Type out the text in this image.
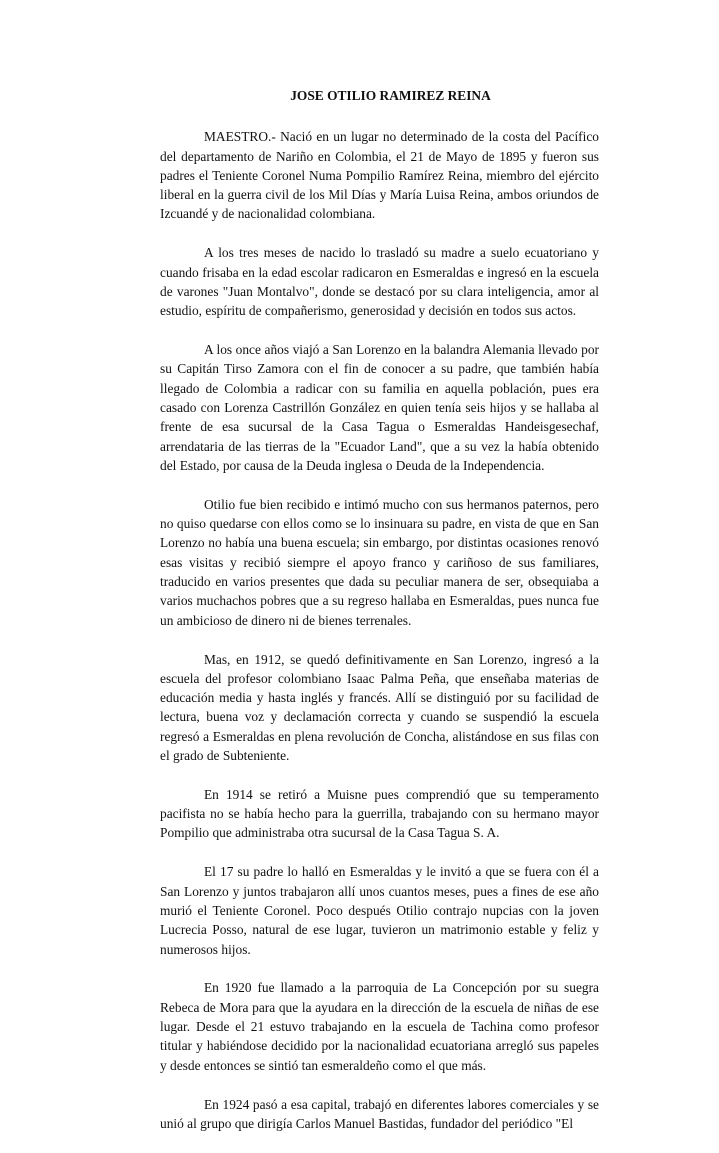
JOSE OTILIO RAMIREZ REINA

MAESTRO.- Nació en un lugar no determinado de la costa del Pacífico del departamento de Nariño en Colombia, el 21 de Mayo de 1895 y fueron sus padres el Teniente Coronel Numa Pompilio Ramírez Reina, miembro del ejército liberal en la guerra civil de los Mil Días y María Luisa Reina, ambos oriundos de Izcuandé y de nacionalidad colombiana.

A los tres meses de nacido lo trasladó su madre a suelo ecuatoriano y cuando frisaba en la edad escolar radicaron en Esmeraldas e ingresó en la escuela de varones "Juan Montalvo", donde se destacó por su clara inteligencia, amor al estudio, espíritu de compañerismo, generosidad y decisión en todos sus actos.

A los once años viajó a San Lorenzo en la balandra Alemania llevado por su Capitán Tirso Zamora con el fin de conocer a su padre, que también había llegado de Colombia a radicar con su familia en aquella población, pues era casado con Lorenza Castrillón González en quien tenía seis hijos y se hallaba al frente de esa sucursal de la Casa Tagua o Esmeraldas Handeisgesechaf, arrendataria de las tierras de la "Ecuador Land", que a su vez la había obtenido del Estado, por causa de la Deuda inglesa o Deuda de la Independencia.

Otilio fue bien recibido e intimó mucho con sus hermanos paternos, pero no quiso quedarse con ellos como se lo insinuara su padre, en vista de que en San Lorenzo no había una buena escuela; sin embargo, por distintas ocasiones renovó esas visitas y recibió siempre el apoyo franco y cariñoso de sus familiares, traducido en varios presentes que dada su peculiar manera de ser, obsequiaba a varios muchachos pobres que a su regreso hallaba en Esmeraldas, pues nunca fue un ambicioso de dinero ni de bienes terrenales.

Mas, en 1912, se quedó definitivamente en San Lorenzo, ingresó a la escuela del profesor colombiano Isaac Palma Peña, que enseñaba materias de educación media y hasta inglés y francés. Allí se distinguió por su facilidad de lectura, buena voz y declamación correcta y cuando se suspendió la escuela regresó a Esmeraldas en plena revolución de Concha, alistándose en sus filas con el grado de Subteniente.

En 1914 se retiró a Muisne pues comprendió que su temperamento pacifista no se había hecho para la guerrilla, trabajando con su hermano mayor Pompilio que administraba otra sucursal de la Casa Tagua S. A.

El 17 su padre lo halló en Esmeraldas y le invitó a que se fuera con él a San Lorenzo y juntos trabajaron allí unos cuantos meses, pues a fines de ese año murió el Teniente Coronel. Poco después Otilio contrajo nupcias con la joven Lucrecia Posso, natural de ese lugar, tuvieron un matrimonio estable y feliz y numerosos hijos.

En 1920 fue llamado a la parroquia de La Concepción por su suegra Rebeca de Mora para que la ayudara en la dirección de la escuela de niñas de ese lugar. Desde el 21 estuvo trabajando en la escuela de Tachina como profesor titular y habiéndose decidido por la nacionalidad ecuatoriana arregló sus papeles y desde entonces se sintió tan esmeraldeño como el que más.

En 1924 pasó a esa capital, trabajó en diferentes labores comerciales y se unió al grupo que dirigía Carlos Manuel Bastidas, fundador del periódico "El
